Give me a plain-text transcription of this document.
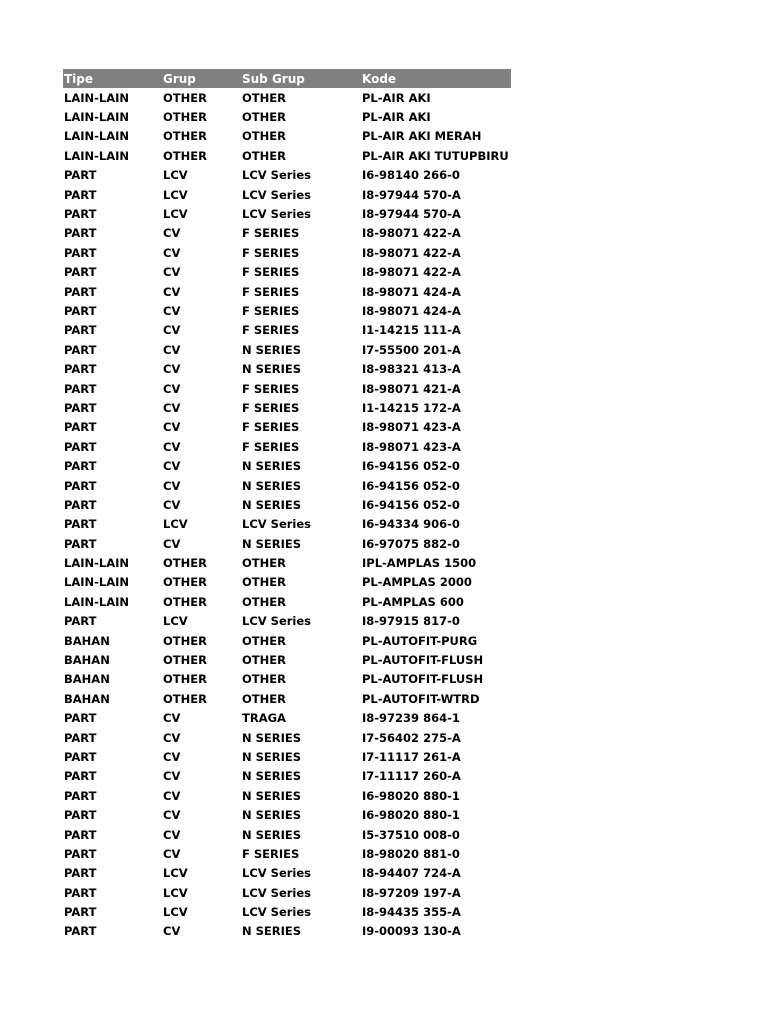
Tipe	Grup	Sub Grup	Kode
LAIN-LAIN	OTHER	OTHER	PL-AIR AKI
LAIN-LAIN	OTHER	OTHER	PL-AIR AKI
LAIN-LAIN	OTHER	OTHER	PL-AIR AKI MERAH
LAIN-LAIN	OTHER	OTHER	PL-AIR AKI TUTUPBIRU
PART	LCV	LCV Series	I6-98140 266-0
PART	LCV	LCV Series	I8-97944 570-A
PART	LCV	LCV Series	I8-97944 570-A
PART	CV	F SERIES	I8-98071 422-A
PART	CV	F SERIES	I8-98071 422-A
PART	CV	F SERIES	I8-98071 422-A
PART	CV	F SERIES	I8-98071 424-A
PART	CV	F SERIES	I8-98071 424-A
PART	CV	F SERIES	I1-14215 111-A
PART	CV	N SERIES	I7-55500 201-A
PART	CV	N SERIES	I8-98321 413-A
PART	CV	F SERIES	I8-98071 421-A
PART	CV	F SERIES	I1-14215 172-A
PART	CV	F SERIES	I8-98071 423-A
PART	CV	F SERIES	I8-98071 423-A
PART	CV	N SERIES	I6-94156 052-0
PART	CV	N SERIES	I6-94156 052-0
PART	CV	N SERIES	I6-94156 052-0
PART	LCV	LCV Series	I6-94334 906-0
PART	CV	N SERIES	I6-97075 882-0
LAIN-LAIN	OTHER	OTHER	IPL-AMPLAS 1500
LAIN-LAIN	OTHER	OTHER	PL-AMPLAS 2000
LAIN-LAIN	OTHER	OTHER	PL-AMPLAS 600
PART	LCV	LCV Series	I8-97915 817-0
BAHAN	OTHER	OTHER	PL-AUTOFIT-PURG
BAHAN	OTHER	OTHER	PL-AUTOFIT-FLUSH
BAHAN	OTHER	OTHER	PL-AUTOFIT-FLUSH
BAHAN	OTHER	OTHER	PL-AUTOFIT-WTRD
PART	CV	TRAGA	I8-97239 864-1
PART	CV	N SERIES	I7-56402 275-A
PART	CV	N SERIES	I7-11117 261-A
PART	CV	N SERIES	I7-11117 260-A
PART	CV	N SERIES	I6-98020 880-1
PART	CV	N SERIES	I6-98020 880-1
PART	CV	N SERIES	I5-37510 008-0
PART	CV	F SERIES	I8-98020 881-0
PART	LCV	LCV Series	I8-94407 724-A
PART	LCV	LCV Series	I8-97209 197-A
PART	LCV	LCV Series	I8-94435 355-A
PART	CV	N SERIES	I9-00093 130-A
